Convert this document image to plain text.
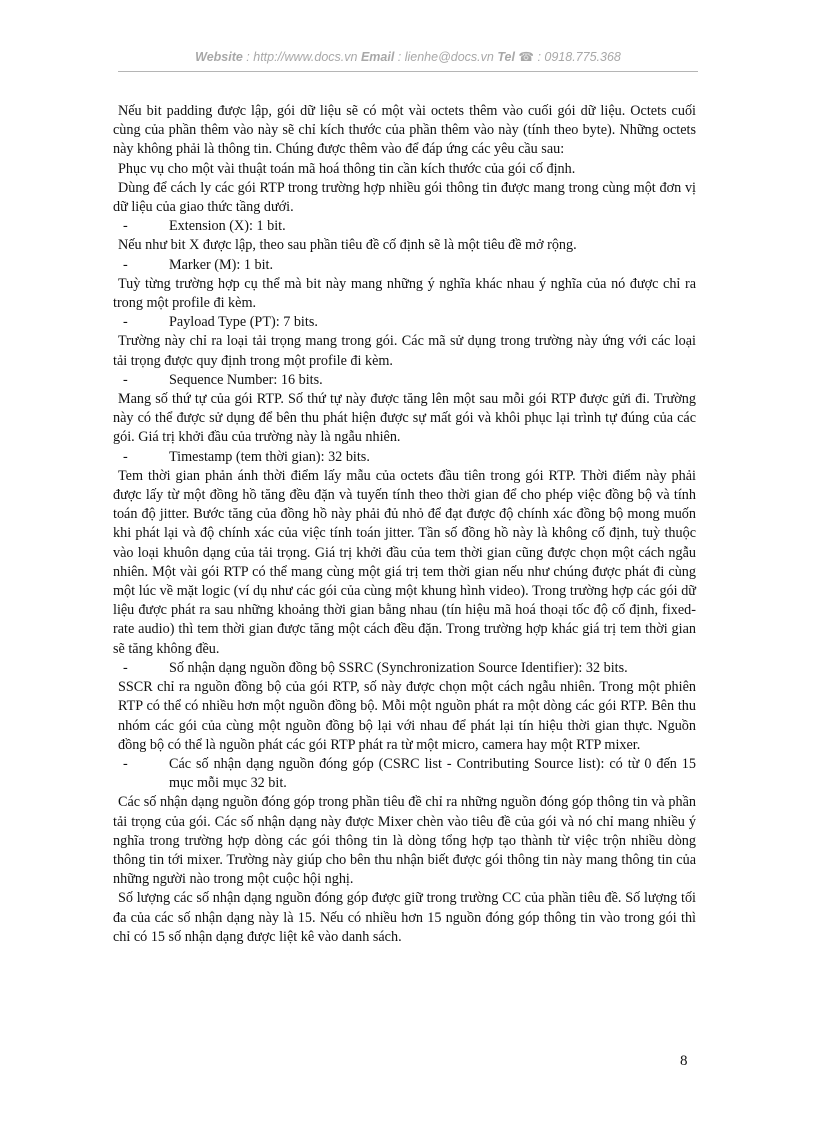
Website : http://www.docs.vn Email : lienhe@docs.vn Tel ☎ : 0918.775.368

Nếu bit padding được lập, gói dữ liệu sẽ có một vài octets thêm vào cuối gói dữ liệu. Octets cuối cùng của phần thêm vào này sẽ chỉ kích thước của phần thêm vào này (tính theo byte). Những octets này không phải là thông tin. Chúng được thêm vào để đáp ứng các yêu cầu sau:

Phục vụ cho một vài thuật toán mã hoá thông tin cần kích thước của gói cố định.

Dùng để cách ly các gói RTP trong trường hợp nhiều gói thông tin được mang trong cùng một đơn vị dữ liệu của giao thức tầng dưới.

-	Extension (X): 1 bit.

Nếu như bit X được lập, theo sau phần tiêu đề cố định sẽ là một tiêu đề mở rộng.

-	Marker (M): 1 bit.

Tuỳ từng trường hợp cụ thể mà bit này mang những ý nghĩa khác nhau ý nghĩa của nó được chỉ ra trong một profile đi kèm.

-	Payload Type (PT): 7 bits.

Trường này chỉ ra loại tải trọng mang trong gói. Các mã sử dụng trong trường này ứng với các loại tải trọng được quy định trong một profile đi kèm.

-	Sequence Number: 16 bits.

Mang số thứ tự của gói RTP. Số thứ tự này được tăng lên một sau mỗi gói RTP được gửi đi. Trường này có thể được sử dụng để bên thu phát hiện được sự mất gói và khôi phục lại trình tự đúng của các gói. Giá trị khởi đầu của trường này là ngẫu nhiên.

-	Timestamp (tem thời gian): 32 bits.

Tem thời gian phản ánh thời điểm lấy mẫu của octets đầu tiên trong gói RTP. Thời điểm này phải được lấy từ một đồng hồ tăng đều đặn và tuyến tính theo thời gian để cho phép việc đồng bộ và tính toán độ jitter. Bước tăng của đồng hồ này phải đủ nhỏ để đạt được độ chính xác đồng bộ mong muốn khi phát lại và độ chính xác của việc tính toán jitter. Tần số đồng hồ này là không cố định, tuỳ thuộc vào loại khuôn dạng của tải trọng. Giá trị khởi đầu của tem thời gian cũng được chọn một cách ngẫu nhiên. Một vài gói RTP có thể mang cùng một giá trị tem thời gian nếu như chúng được phát đi cùng một lúc về mặt logic (ví dụ như các gói của cùng một khung hình video). Trong trường hợp các gói dữ liệu được phát ra sau những khoảng thời gian bằng nhau (tín hiệu mã hoá thoại tốc độ cố định, fixed-rate audio) thì tem thời gian được tăng một cách đều đặn. Trong trường hợp khác giá trị tem thời gian sẽ tăng không đều.

-	Số nhận dạng nguồn đồng bộ SSRC (Synchronization Source Identifier): 32 bits.

SSCR chỉ ra nguồn đồng bộ của gói RTP, số này được chọn một cách ngẫu nhiên. Trong một phiên RTP có thể có nhiều hơn một nguồn đồng bộ. Mỗi một nguồn phát ra một dòng các gói RTP. Bên thu nhóm các gói của cùng một nguồn đồng bộ lại với nhau để phát lại tín hiệu thời gian thực. Nguồn đồng bộ có thể là nguồn phát các gói RTP phát ra từ một micro, camera hay một RTP mixer.

-	Các số nhận dạng nguồn đóng góp (CSRC list - Contributing Source list): có từ 0 đến 15 mục mỗi mục 32 bit.

Các số nhận dạng nguồn đóng góp trong phần tiêu đề chỉ ra những nguồn đóng góp thông tin và phần tải trọng của gói. Các số nhận dạng này được Mixer chèn vào tiêu đề của gói và nó chỉ mang nhiều ý nghĩa trong trường hợp dòng các gói thông tin là dòng tổng hợp tạo thành từ việc trộn nhiều dòng thông tin tới mixer. Trường này giúp cho bên thu nhận biết được gói thông tin này mang thông tin của những người nào trong một cuộc hội nghị.

Số lượng các số nhận dạng nguồn đóng góp được giữ trong trường CC của phần tiêu đề. Số lượng tối đa của các số nhận dạng này là 15. Nếu có nhiều hơn 15 nguồn đóng góp thông tin vào trong gói thì chỉ có 15 số nhận dạng được liệt kê vào danh sách.

8
